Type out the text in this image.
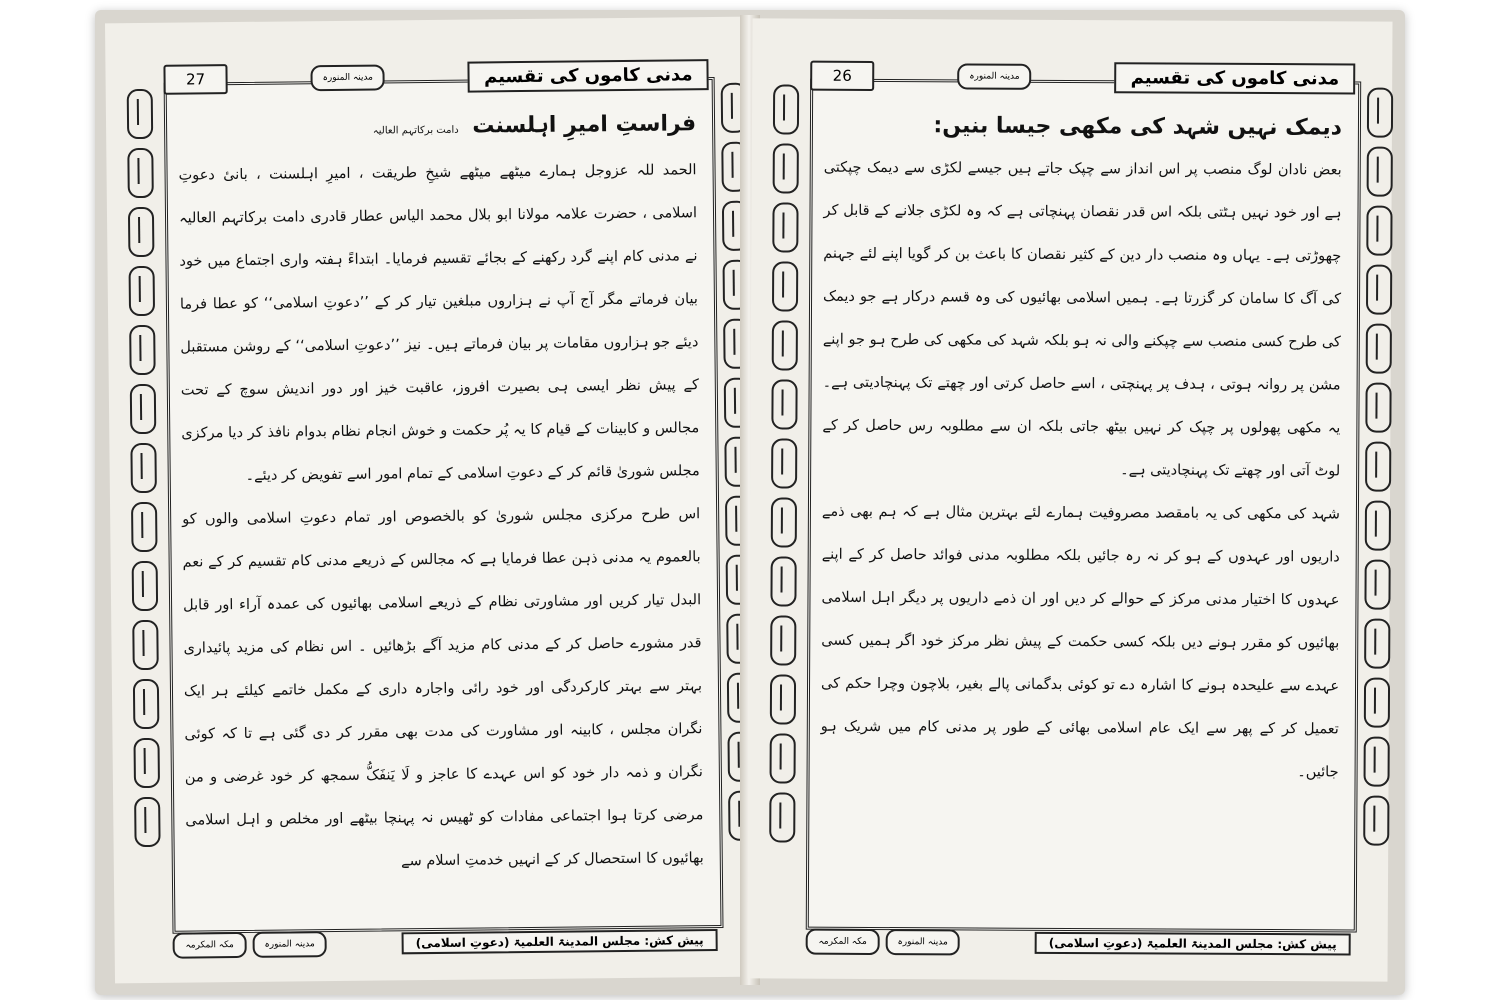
27	مدینہ المنورہ	مدنی کاموں کی تقسیم
فراستِ امیرِ اہلسنت دامت برکاتہم العالیہ

الحمد للہ عزوجل ہمارے میٹھے میٹھے شیخِ طریقت ، امیرِ اہلسنت ، بانیٔ دعوتِ اسلامی ، حضرت علامہ مولانا ابو بلال محمد الیاس عطار قادری دامت برکاتہم العالیہ نے مدنی کام اپنے گرد رکھنے کے بجائے تقسیم فرمایا۔ ابتداءً ہفتہ واری اجتماع میں خود بیان فرماتے مگر آج آپ نے ہزاروں مبلغین تیار کر کے ’’دعوتِ اسلامی‘‘ کو عطا فرما دیئے جو ہزاروں مقامات پر بیان فرماتے ہیں۔ نیز ’’دعوتِ اسلامی‘‘ کے روشن مستقبل کے پیش نظر ایسی ہی بصیرت افروز، عاقبت خیز اور دور اندیش سوچ کے تحت مجالس و کابینات کے قیام کا یہ پُر حکمت و خوش انجام نظام بدوام نافذ کر دیا مرکزی مجلس شوریٰ قائم کر کے دعوتِ اسلامی کے تمام امور اسے تفویض کر دیئے۔

اس طرح مرکزی مجلس شوریٰ کو بالخصوص اور تمام دعوتِ اسلامی والوں کو بالعموم یہ مدنی ذہن عطا فرمایا ہے کہ مجالس کے ذریعے مدنی کام تقسیم کر کے نعم البدل تیار کریں اور مشاورتی نظام کے ذریعے اسلامی بھائیوں کی عمدہ آراء اور قابل قدر مشورے حاصل کر کے مدنی کام مزید آگے بڑھائیں ۔ اس نظام کی مزید پائیداری بہتر سے بہتر کارکردگی اور خود رائی واجارہ داری کے مکمل خاتمے کیلئے ہر ایک نگران مجلس ، کابینہ اور مشاورت کی مدت بھی مقرر کر دی گئی ہے تا کہ کوئی نگران و ذمہ دار خود کو اس عہدے کا عاجز و لَا یَنفَکُّ سمجھ کر خود غرضی و من مرضی کرتا ہوا اجتماعی مفادات کو ٹھیس نہ پہنچا بیٹھے اور مخلص و اہل اسلامی بھائیوں کا استحصال کر کے انہیں خدمتِ اسلام سے

مکہ المکرمہ	مدینہ المنورہ	پیش کش: مجلس المدینۃ العلمیۃ (دعوتِ اسلامی)
26	مدینہ المنورہ	مدنی کاموں کی تقسیم
دیمک نہیں شہد کی مکھی جیسا بنیں:

بعض نادان لوگ منصب پر اس انداز سے چپک جاتے ہیں جیسے لکڑی سے دیمک چپکتی ہے اور خود نہیں ہٹتی بلکہ اس قدر نقصان پہنچاتی ہے کہ وہ لکڑی جلانے کے قابل کر چھوڑتی ہے۔ یہاں وہ منصب دار دین کے کثیر نقصان کا باعث بن کر گویا اپنے لئے جہنم کی آگ کا سامان کر گزرتا ہے۔ ہمیں اسلامی بھائیوں کی وہ قسم درکار ہے جو دیمک کی طرح کسی منصب سے چپکنے والی نہ ہو بلکہ شہد کی مکھی کی طرح ہو جو اپنے مشن پر روانہ ہوتی ، ہدف پر پہنچتی ، اسے حاصل کرتی اور چھتے تک پہنچادیتی ہے۔ یہ مکھی پھولوں پر چپک کر نہیں بیٹھ جاتی بلکہ ان سے مطلوبہ رس حاصل کر کے لوٹ آتی اور چھتے تک پہنچادیتی ہے۔

شہد کی مکھی کی یہ بامقصد مصروفیت ہمارے لئے بہترین مثال ہے کہ ہم بھی ذمے داریوں اور عہدوں کے ہو کر نہ رہ جائیں بلکہ مطلوبہ مدنی فوائد حاصل کر کے اپنے عہدوں کا اختیار مدنی مرکز کے حوالے کر دیں اور ان ذمے داریوں پر دیگر اہل اسلامی بھائیوں کو مقرر ہونے دیں بلکہ کسی حکمت کے پیش نظر مرکز خود اگر ہمیں کسی عہدے سے علیحدہ ہونے کا اشارہ دے تو کوئی بدگمانی پالے بغیر، بلاچون وچرا حکم کی تعمیل کر کے پھر سے ایک عام اسلامی بھائی کے طور پر مدنی کام میں شریک ہو جائیں۔

مکہ المکرمہ	مدینہ المنورہ	پیش کش: مجلس المدینۃ العلمیۃ (دعوتِ اسلامی)
